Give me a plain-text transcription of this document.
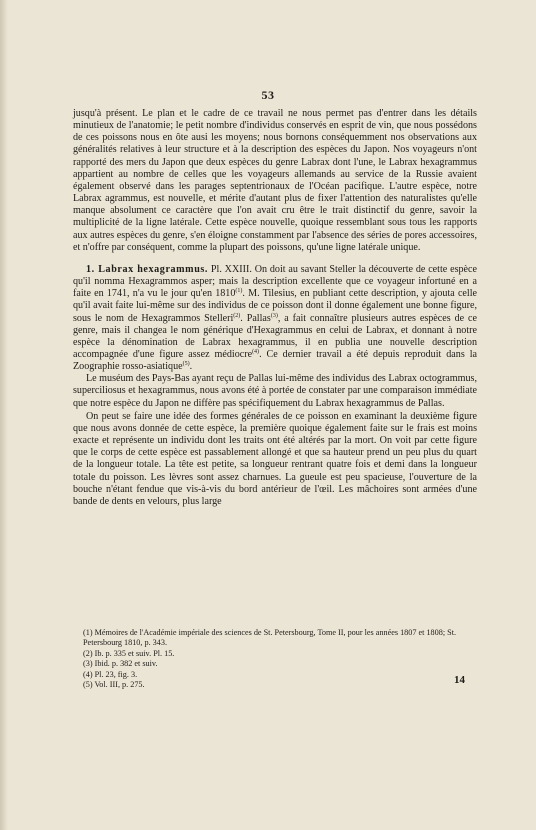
53

jusqu'à présent. Le plan et le cadre de ce travail ne nous permet pas d'entrer dans les détails minutieux de l'anatomie; le petit nombre d'individus conservés en esprit de vin, que nous possédons de ces poissons nous en ôte ausi les moyens; nous bornons conséquemment nos observations aux généralités relatives à leur structure et à la description des espèces du Japon. Nos voyageurs n'ont rapporté des mers du Japon que deux espèces du genre Labrax dont l'une, le Labrax hexagrammus appartient au nombre de celles que les voyageurs allemands au service de la Russie avaient également observé dans les parages septentrionaux de l'Océan pacifique. L'autre espèce, notre Labrax agrammus, est nouvelle, et mérite d'autant plus de fixer l'attention des naturalistes qu'elle manque absolument ce caractère que l'on avait cru être le trait distinctif du genre, savoir la multiplicité de la ligne latérale. Cette espèce nouvelle, quoique ressemblant sous tous les rapports aux autres espèces du genre, s'en éloigne constamment par l'absence des séries de pores accessoires, et n'offre par conséquent, comme la plupart des poissons, qu'une ligne latérale unique.

1. Labrax hexagrammus. Pl. XXIII. On doit au savant Steller la découverte de cette espèce qu'il nomma Hexagrammos asper; mais la description excellente que ce voyageur infortuné en a faite en 1741, n'a vu le jour qu'en 1810$^{(1)}$. M. Tilesius, en publiant cette description, y ajouta celle qu'il avait faite lui-même sur des individus de ce poisson dont il donne également une bonne figure, sous le nom de Hexagrammos Stelleri$^{(2)}$. Pallas$^{(3)}$, a fait connaître plusieurs autres espèces de ce genre, mais il changea le nom générique d'Hexagrammus en celui de Labrax, et donnant à notre espèce la dénomination de Labrax hexagrammus, il en publia une nouvelle description accompagnée d'une figure assez médiocre$^{(4)}$. Ce dernier travail a été depuis reproduit dans la Zoographie rosso-asiatique$^{(5)}$.

Le muséum des Pays-Bas ayant reçu de Pallas lui-même des individus des Labrax octogrammus, superciliosus et hexagrammus, nous avons été à portée de constater par une comparaison immédiate que notre espèce du Japon ne diffère pas spécifiquement du Labrax hexagrammus de Pallas.

On peut se faire une idée des formes générales de ce poisson en examinant la deuxième figure que nous avons donnée de cette espèce, la première quoique également faite sur le frais est moins exacte et représente un individu dont les traits ont été altérés par la mort. On voit par cette figure que le corps de cette espèce est passablement allongé et que sa hauteur prend un peu plus du quart de la longueur totale. La tête est petite, sa longueur rentrant quatre fois et demi dans la longueur totale du poisson. Les lèvres sont assez charnues. La gueule est peu spacieuse, l'ouverture de la bouche n'étant fendue que vis-à-vis du bord antérieur de l'œil. Les mâchoires sont armées d'une bande de dents en velours, plus large

(1) Mémoires de l'Académie impériale des sciences de St. Petersbourg, Tome II, pour les années 1807 et 1808; St. Petersbourg 1810, p. 343.

(2) Ib. p. 335 et suiv. Pl. 15.

(3) Ibid. p. 382 et suiv.

(4) Pl. 23, fig. 3.

(5) Vol. III, p. 275.	14
